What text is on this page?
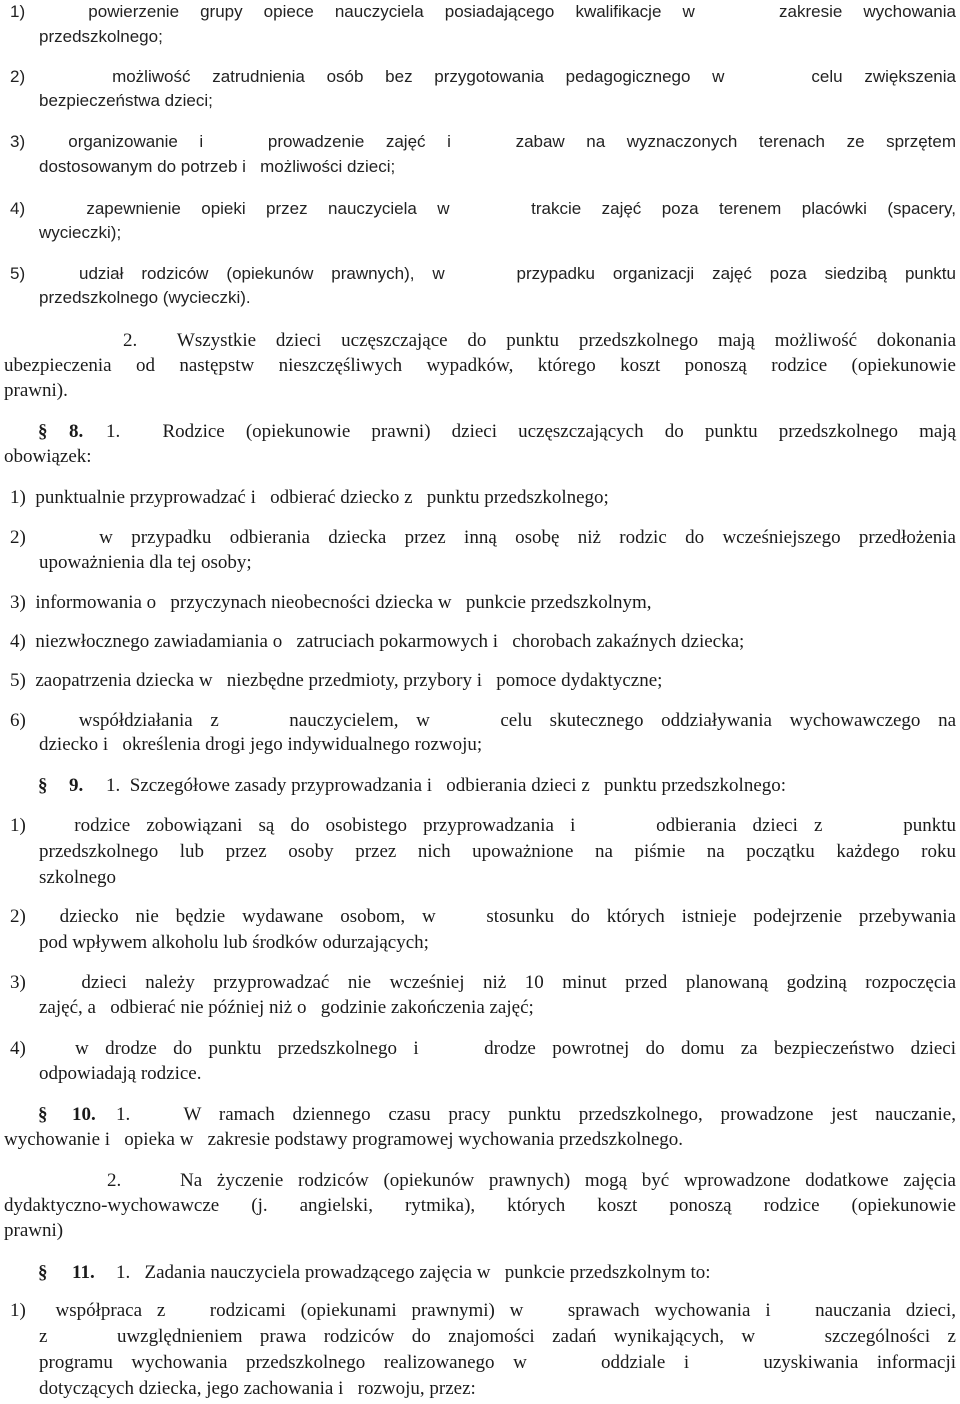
1)   powierzenie grupy opiece nauczyciela posiadającego kwalifikacje w    zakresie wychowania

przedszkolnego;

2)    możliwość zatrudnienia osób bez przygotowania pedagogicznego w    celu zwiększenia

bezpieczeństwa dzieci;

3)  organizowanie i   prowadzenie zajęć i   zabaw na wyznaczonych terenach ze sprzętem

dostosowanym do potrzeb i   możliwości dzieci;

4)   zapewnienie opieki przez nauczyciela w    trakcie zajęć poza terenem placówki (spacery,

wycieczki);

5)   udział rodziców (opiekunów prawnych), w    przypadku organizacji zajęć poza siedzibą punktu

przedszkolnego (wycieczki).

2.  Wszystkie dzieci uczęszczające do punktu przedszkolnego mają możliwość dokonania

ubezpieczenia od następstw nieszczęśliwych wypadków, którego koszt ponoszą rodzice (opiekunowie

prawni).

§ 8. 1.  Rodzice (opiekunowie prawni) dzieci uczęszczających do punktu przedszkolnego mają

obowiązek:

1)  punktualnie przyprowadzać i   odbierać dziecko z   punktu przedszkolnego;

2)    w przypadku odbierania dziecka przez inną osobę niż rodzic do wcześniejszego przedłożenia

upoważnienia dla tej osoby;

3)  informowania o   przyczynach nieobecności dziecka w   punkcie przedszkolnym,

4)  niezwłocznego zawiadamiania o   zatruciach pokarmowych i   chorobach zakaźnych dziecka;

5)  zaopatrzenia dziecka w   niezbędne przedmioty, przybory i   pomoce dydaktyczne;

6)   współdziałania z    nauczycielem, w    celu skutecznego oddziaływania wychowawczego na

dziecko i   określenia drogi jego indywidualnego rozwoju;

§ 9. 1.  Szczegółowe zasady przyprowadzania i   odbierania dzieci z   punktu przedszkolnego:

1)   rodzice zobowiązani są do osobistego przyprowadzania i     odbierania dzieci z     punktu

przedszkolnego lub przez osoby przez nich upoważnione na piśmie na początku każdego roku

szkolnego

2)  dziecko nie będzie wydawane osobom, w   stosunku do których istnieje podejrzenie przebywania

pod wpływem alkoholu lub środków odurzających;

3)   dzieci należy przyprowadzać nie wcześniej niż 10 minut przed planowaną godziną rozpoczęcia

zajęć, a   odbierać nie później niż o   godzinie zakończenia zajęć;

4)   w drodze do punktu przedszkolnego i    drodze powrotnej do domu za bezpieczeństwo dzieci

odpowiadają rodzice.

§ 10. 1.   W ramach dziennego czasu pracy punktu przedszkolnego, prowadzone jest nauczanie,

wychowanie i   opieka w   zakresie podstawy programowej wychowania przedszkolnego.

2.    Na życzenie rodziców (opiekunów prawnych) mogą być wprowadzone dodatkowe zajęcia

dydaktyczno-wychowawcze (j. angielski, rytmika), których koszt ponoszą rodzice (opiekunowie

prawni)

§ 11. 1.   Zadania nauczyciela prowadzącego zajęcia w   punkcie przedszkolnym to:

1)  współpraca z   rodzicami (opiekunami prawnymi) w   sprawach wychowania i   nauczania dzieci,

z    uwzględnieniem prawa rodziców do znajomości zadań wynikających, w    szczególności z

programu wychowania przedszkolnego realizowanego w    oddziale i    uzyskiwania informacji

dotyczących dziecka, jego zachowania i   rozwoju, przez:
